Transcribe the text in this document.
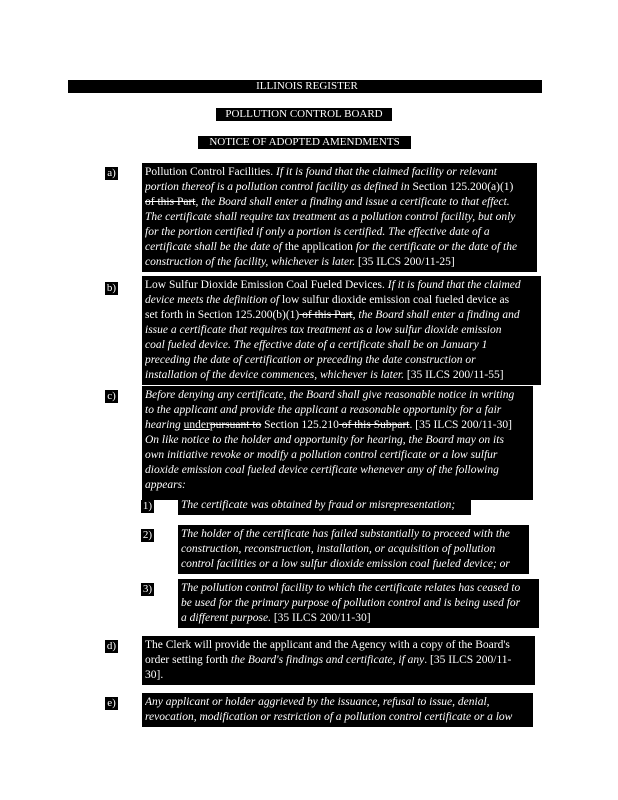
ILLINOIS REGISTER
POLLUTION CONTROL BOARD
NOTICE OF ADOPTED AMENDMENTS
a)	Pollution Control Facilities. If it is found that the claimed facility or relevant
portion thereof is a pollution control facility as defined in Section 125.200(a)(1)
of this Part, the Board shall enter a finding and issue a certificate to that effect.
The certificate shall require tax treatment as a pollution control facility, but only
for the portion certified if only a portion is certified. The effective date of a
certificate shall be the date of the application for the certificate or the date of the
construction of the facility, whichever is later. [35 ILCS 200/11-25]
b)	Low Sulfur Dioxide Emission Coal Fueled Devices. If it is found that the claimed
device meets the definition of low sulfur dioxide emission coal fueled device as
set forth in Section 125.200(b)(1) of this Part, the Board shall enter a finding and
issue a certificate that requires tax treatment as a low sulfur dioxide emission
coal fueled device. The effective date of a certificate shall be on January 1
preceding the date of certification or preceding the date construction or
installation of the device commences, whichever is later. [35 ILCS 200/11-55]
c)	Before denying any certificate, the Board shall give reasonable notice in writing
to the applicant and provide the applicant a reasonable opportunity for a fair
hearing underpursuant to Section 125.210 of this Subpart. [35 ILCS 200/11-30]
On like notice to the holder and opportunity for hearing, the Board may on its
own initiative revoke or modify a pollution control certificate or a low sulfur
dioxide emission coal fueled device certificate whenever any of the following
appears:
1)	The certificate was obtained by fraud or misrepresentation;
2)	The holder of the certificate has failed substantially to proceed with the
construction, reconstruction, installation, or acquisition of pollution
control facilities or a low sulfur dioxide emission coal fueled device; or
3)	The pollution control facility to which the certificate relates has ceased to
be used for the primary purpose of pollution control and is being used for
a different purpose. [35 ILCS 200/11-30]
d)	The Clerk will provide the applicant and the Agency with a copy of the Board's
order setting forth the Board's findings and certificate, if any. [35 ILCS 200/11-
30].
e)	Any applicant or holder aggrieved by the issuance, refusal to issue, denial,
revocation, modification or restriction of a pollution control certificate or a low
